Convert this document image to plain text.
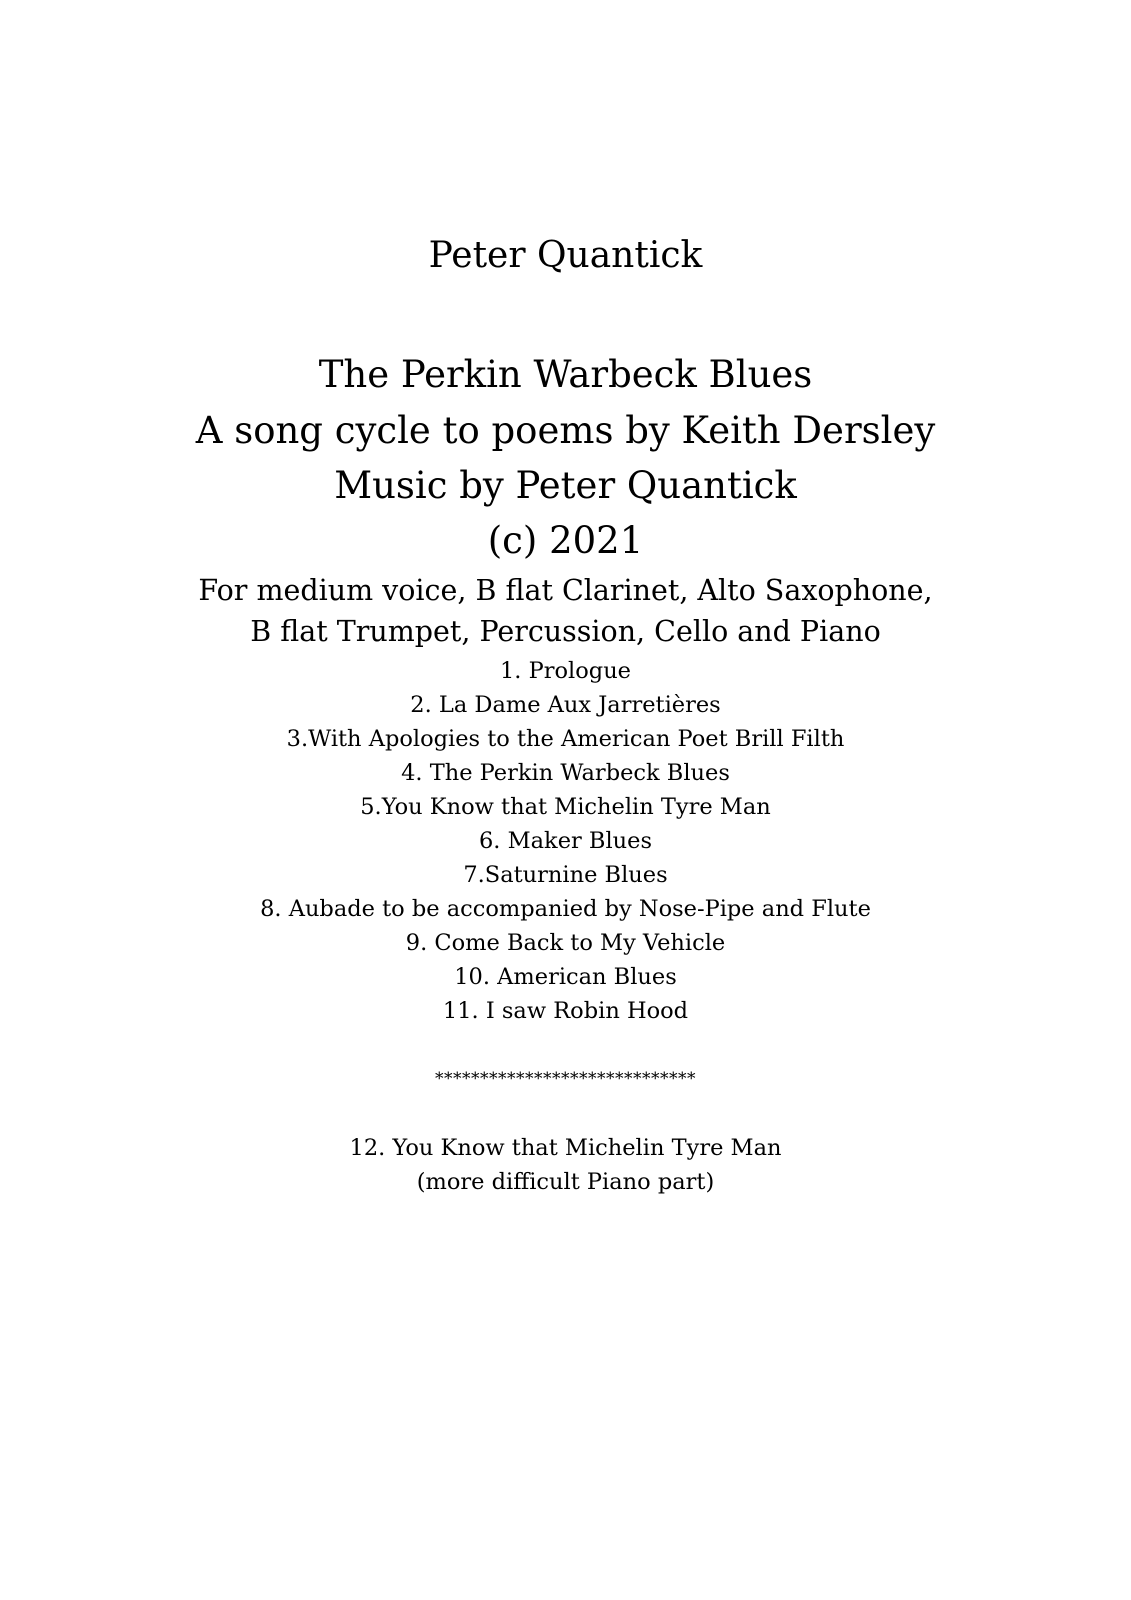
Peter Quantick
The Perkin Warbeck Blues
A song cycle to poems by Keith Dersley
Music by Peter Quantick
(c) 2021
For medium voice, B flat Clarinet, Alto Saxophone,
B flat Trumpet, Percussion, Cello and Piano
1. Prologue
2. La Dame Aux Jarretières
3.With Apologies to the American Poet Brill Filth
4. The Perkin Warbeck Blues
5.You Know that Michelin Tyre Man
6. Maker Blues
7.Saturnine Blues
8. Aubade to be accompanied by Nose-Pipe and Flute
9. Come Back to My Vehicle
10. American Blues
11. I saw Robin Hood
*****************************
12. You Know that Michelin Tyre Man
(more difficult Piano part)
